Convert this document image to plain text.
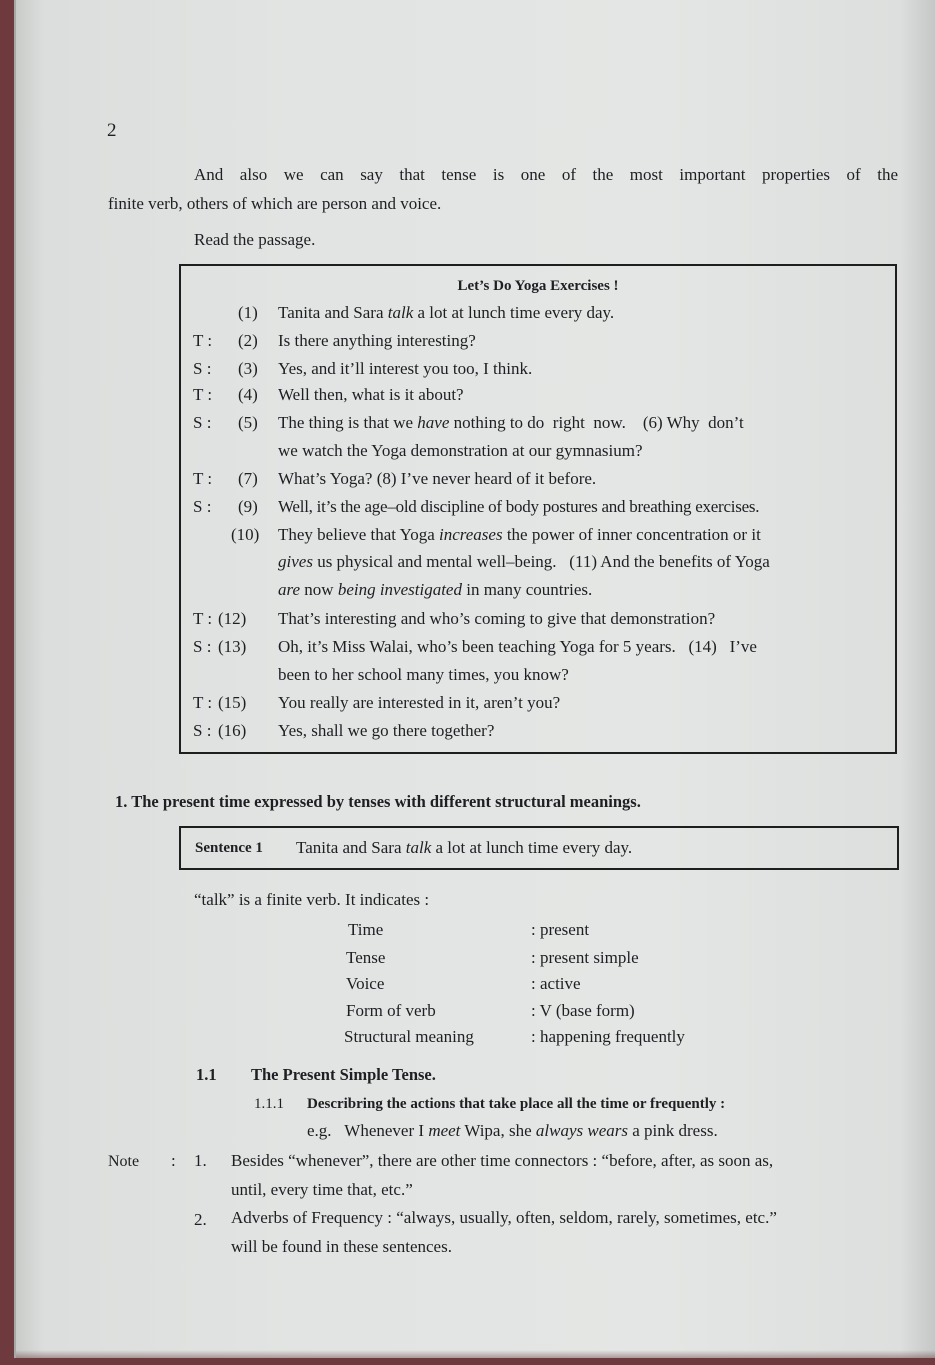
2
And also we can say that tense is one of the most important properties of the
finite verb, others of which are person and voice.
Read the passage.
Let’s Do Yoga Exercises !
(1) Tanita and Sara talk a lot at lunch time every day.
T :	(2) Is there anything interesting?
S :	(3) Yes, and it’ll interest you too, I think.
T :	(4) Well then, what is it about?
S :	(5) The thing is that we have nothing to do  right  now.    (6) Why  don’t
we watch the Yoga demonstration at our gymnasium?
T :	(7) What’s Yoga? (8) I’ve never heard of it before.
S :	(9) Well, it’s the age–old discipline of body postures and breathing exercises.
(10) They believe that Yoga increases the power of inner concentration or it
gives us physical and mental well–being.   (11) And the benefits of Yoga
are now being investigated in many countries.
T : (12) That’s interesting and who’s coming to give that demonstration?
S : (13) Oh, it’s Miss Walai, who’s been teaching Yoga for 5 years.   (14)   I’ve
been to her school many times, you know?
T : (15) You really are interested in it, aren’t you?
S : (16) Yes, shall we go there together?
1. The present time expressed by tenses with different structural meanings.
Sentence 1 Tanita and Sara talk a lot at lunch time every day.
“talk” is a finite verb. It indicates :
Time	: present
Tense	: present simple
Voice	: active
Form of verb	: V (base form)
Structural meaning	: happening frequently
1.1 The Present Simple Tense.
1.1.1 Describring the actions that take place all the time or frequently :
e.g. Whenever I meet Wipa, she always wears a pink dress.
Note : 1. Besides “whenever”, there are other time connectors : “before, after, as soon as,
until, every time that, etc.”
2. Adverbs of Frequency : “always, usually, often, seldom, rarely, sometimes, etc.”
will be found in these sentences.
